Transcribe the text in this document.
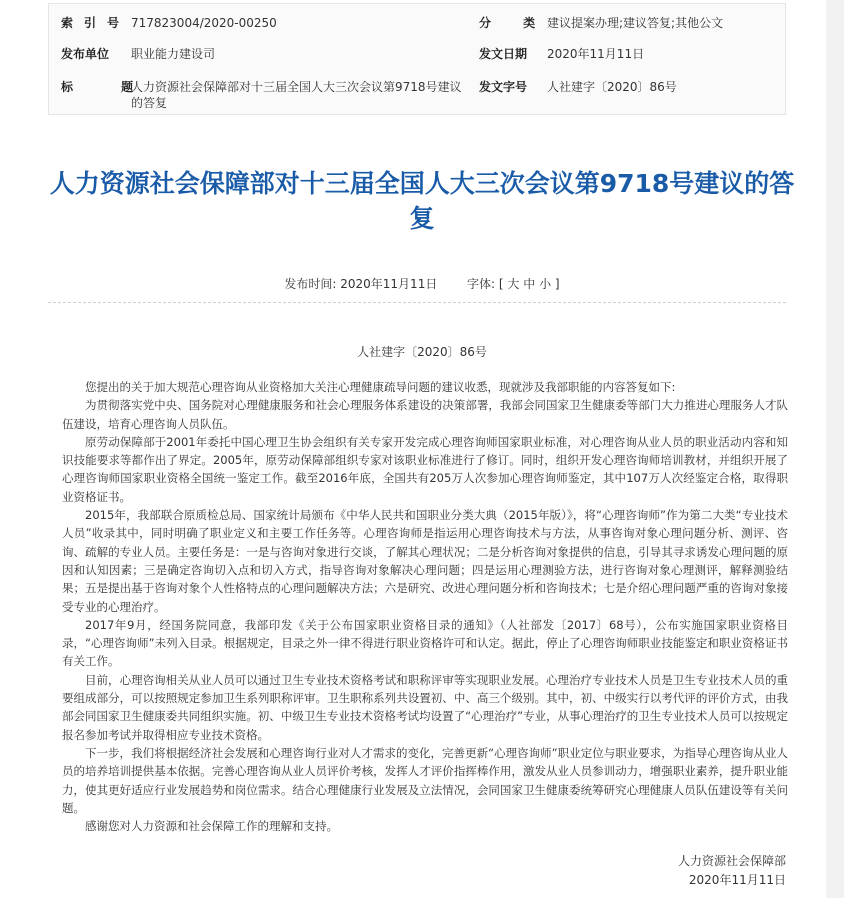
索引号 717823004/2020-00250	分 类
建议提案办理;建议答复;其他公文
发布单位 职业能力建设司	发文日期 2020年11月11日
标 题
人力资源社会保障部对十三届全国人大三次会议第9718号建议的答复
发文字号 人社建字〔2020〕86号
人力资源社会保障部对十三届全国人大三次会议第9718号建议的答复
发布时间: 2020年11月11日 字体: [ 大 中 小 ]
人社建字〔2020〕86号

您提出的关于加大规范心理咨询从业资格加大关注心理健康疏导问题的建议收悉，现就涉及我部职能的内容答复如下:

为贯彻落实党中央、国务院对心理健康服务和社会心理服务体系建设的决策部署，我部会同国家卫生健康委等部门大力推进心理服务人才队伍建设，培育心理咨询人员队伍。

原劳动保障部于2001年委托中国心理卫生协会组织有关专家开发完成心理咨询师国家职业标准，对心理咨询从业人员的职业活动内容和知识技能要求等都作出了界定。2005年，原劳动保障部组织专家对该职业标准进行了修订。同时，组织开发心理咨询师培训教材，并组织开展了心理咨询师国家职业资格全国统一鉴定工作。截至2016年底，全国共有205万人次参加心理咨询师鉴定，其中107万人次经鉴定合格，取得职业资格证书。

2015年，我部联合原质检总局、国家统计局颁布《中华人民共和国职业分类大典（2015年版）》，将“心理咨询师”作为第二大类“专业技术人员”收录其中，同时明确了职业定义和主要工作任务等。心理咨询师是指运用心理咨询技术与方法，从事咨询对象心理问题分析、测评、咨询、疏解的专业人员。主要任务是：一是与咨询对象进行交谈，了解其心理状况；二是分析咨询对象提供的信息，引导其寻求诱发心理问题的原因和认知因素；三是确定咨询切入点和切入方式，指导咨询对象解决心理问题；四是运用心理测验方法，进行咨询对象心理测评，解释测验结果；五是提出基于咨询对象个人性格特点的心理问题解决方法；六是研究、改进心理问题分析和咨询技术；七是介绍心理问题严重的咨询对象接受专业的心理治疗。

2017年9月，经国务院同意，我部印发《关于公布国家职业资格目录的通知》（人社部发〔2017〕68号），公布实施国家职业资格目录，“心理咨询师”未列入目录。根据规定，目录之外一律不得进行职业资格许可和认定。据此，停止了心理咨询师职业技能鉴定和职业资格证书有关工作。

目前，心理咨询相关从业人员可以通过卫生专业技术资格考试和职称评审等实现职业发展。心理治疗专业技术人员是卫生专业技术人员的重要组成部分，可以按照规定参加卫生系列职称评审。卫生职称系列共设置初、中、高三个级别。其中，初、中级实行以考代评的评价方式，由我部会同国家卫生健康委共同组织实施。初、中级卫生专业技术资格考试均设置了“心理治疗”专业，从事心理治疗的卫生专业技术人员可以按规定报名参加考试并取得相应专业技术资格。

下一步，我们将根据经济社会发展和心理咨询行业对人才需求的变化，完善更新“心理咨询师”职业定位与职业要求，为指导心理咨询从业人员的培养培训提供基本依据。完善心理咨询从业人员评价考核，发挥人才评价指挥棒作用，激发从业人员参训动力，增强职业素养，提升职业能力，使其更好适应行业发展趋势和岗位需求。结合心理健康行业发展及立法情况，会同国家卫生健康委统筹研究心理健康人员队伍建设等有关问题。

感谢您对人力资源和社会保障工作的理解和支持。

人力资源社会保障部
2020年11月11日
